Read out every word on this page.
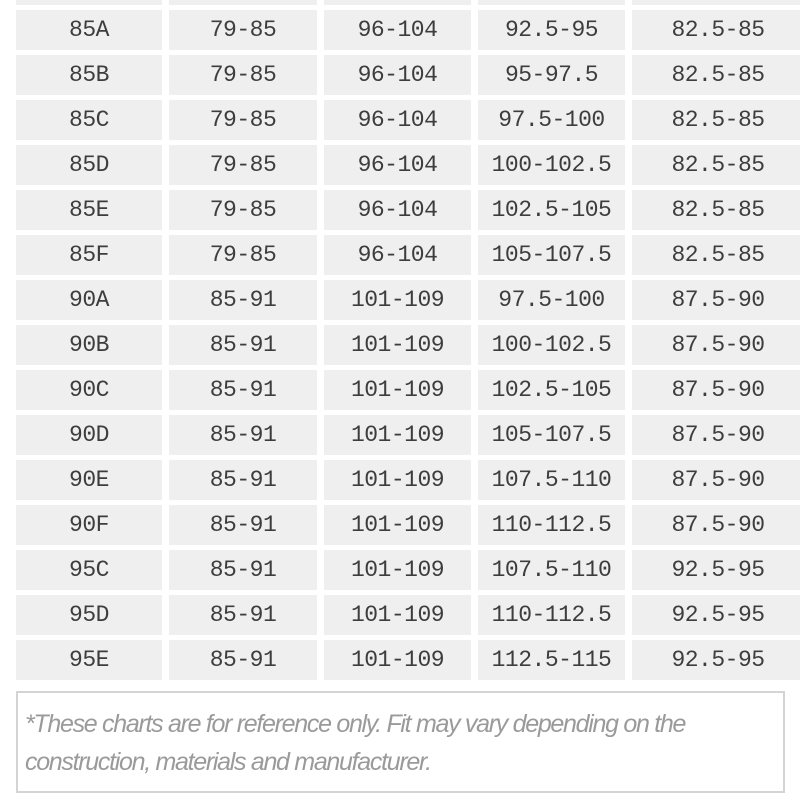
85A	79-85	96-104	92.5-95	82.5-85
85B	79-85	96-104	95-97.5	82.5-85
85C	79-85	96-104	97.5-100	82.5-85
85D	79-85	96-104	100-102.5	82.5-85
85E	79-85	96-104	102.5-105	82.5-85
85F	79-85	96-104	105-107.5	82.5-85
90A	85-91	101-109	97.5-100	87.5-90
90B	85-91	101-109	100-102.5	87.5-90
90C	85-91	101-109	102.5-105	87.5-90
90D	85-91	101-109	105-107.5	87.5-90
90E	85-91	101-109	107.5-110	87.5-90
90F	85-91	101-109	110-112.5	87.5-90
95C	85-91	101-109	107.5-110	92.5-95
95D	85-91	101-109	110-112.5	92.5-95
95E	85-91	101-109	112.5-115	92.5-95
*These charts are for reference only. Fit may vary depending on the
construction, materials and manufacturer.
